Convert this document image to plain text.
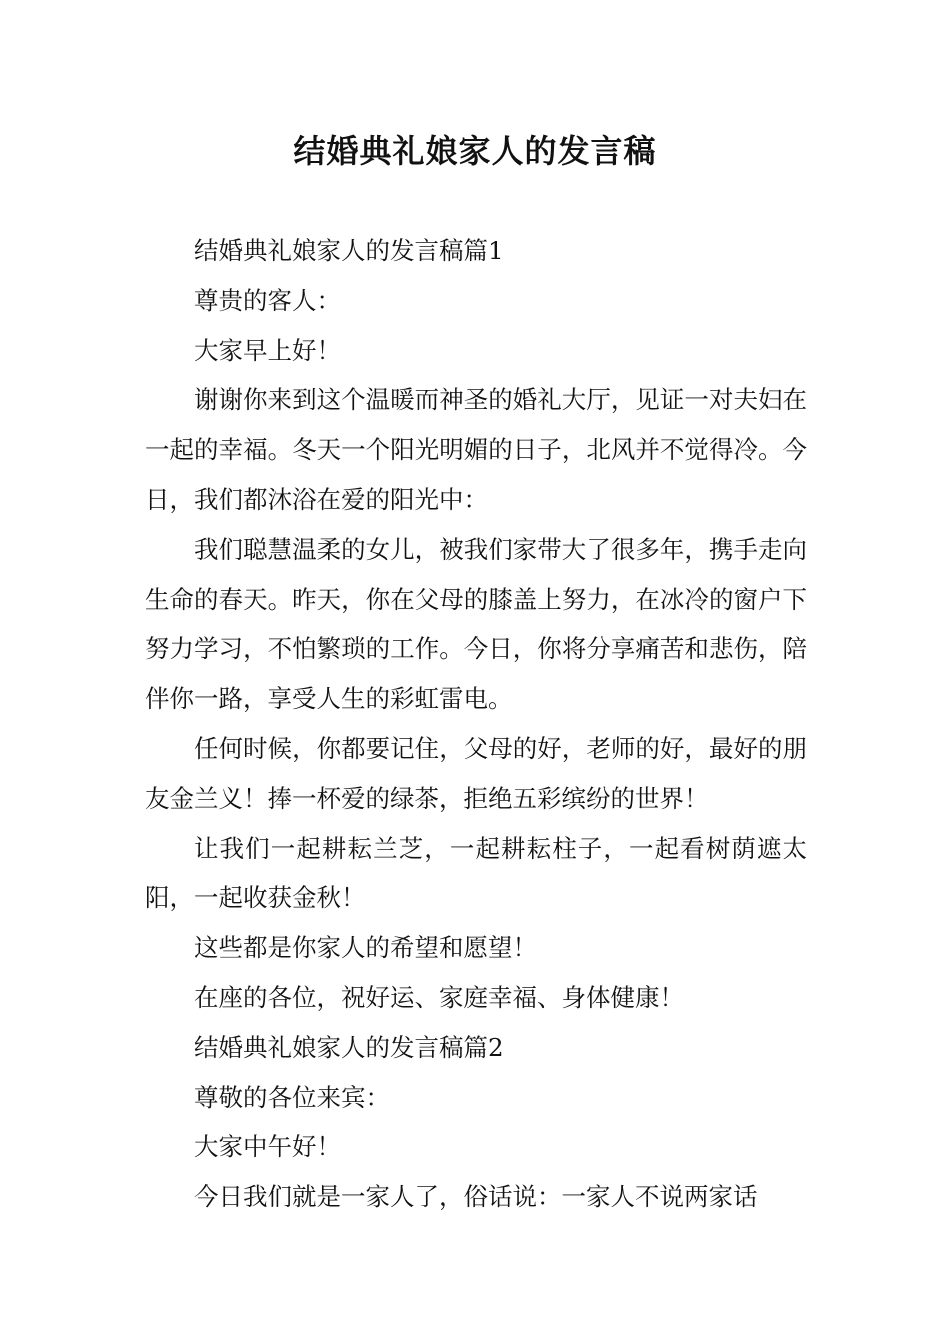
结婚典礼娘家人的发言稿

结婚典礼娘家人的发言稿篇1

尊贵的客人：

大家早上好！

谢谢你来到这个温暖而神圣的婚礼大厅，见证一对夫妇在一起的幸福。冬天一个阳光明媚的日子，北风并不觉得冷。今日，我们都沐浴在爱的阳光中：

我们聪慧温柔的女儿，被我们家带大了很多年，携手走向生命的春天。昨天，你在父母的膝盖上努力，在冰冷的窗户下努力学习，不怕繁琐的工作。今日，你将分享痛苦和悲伤，陪伴你一路，享受人生的彩虹雷电。

任何时候，你都要记住，父母的好，老师的好，最好的朋友金兰义！捧一杯爱的绿茶，拒绝五彩缤纷的世界！

让我们一起耕耘兰芝，一起耕耘柱子，一起看树荫遮太阳，一起收获金秋！

这些都是你家人的希望和愿望！

在座的各位，祝好运、家庭幸福、身体健康！

结婚典礼娘家人的发言稿篇2

尊敬的各位来宾：

大家中午好！

今日我们就是一家人了，俗话说：一家人不说两家话
